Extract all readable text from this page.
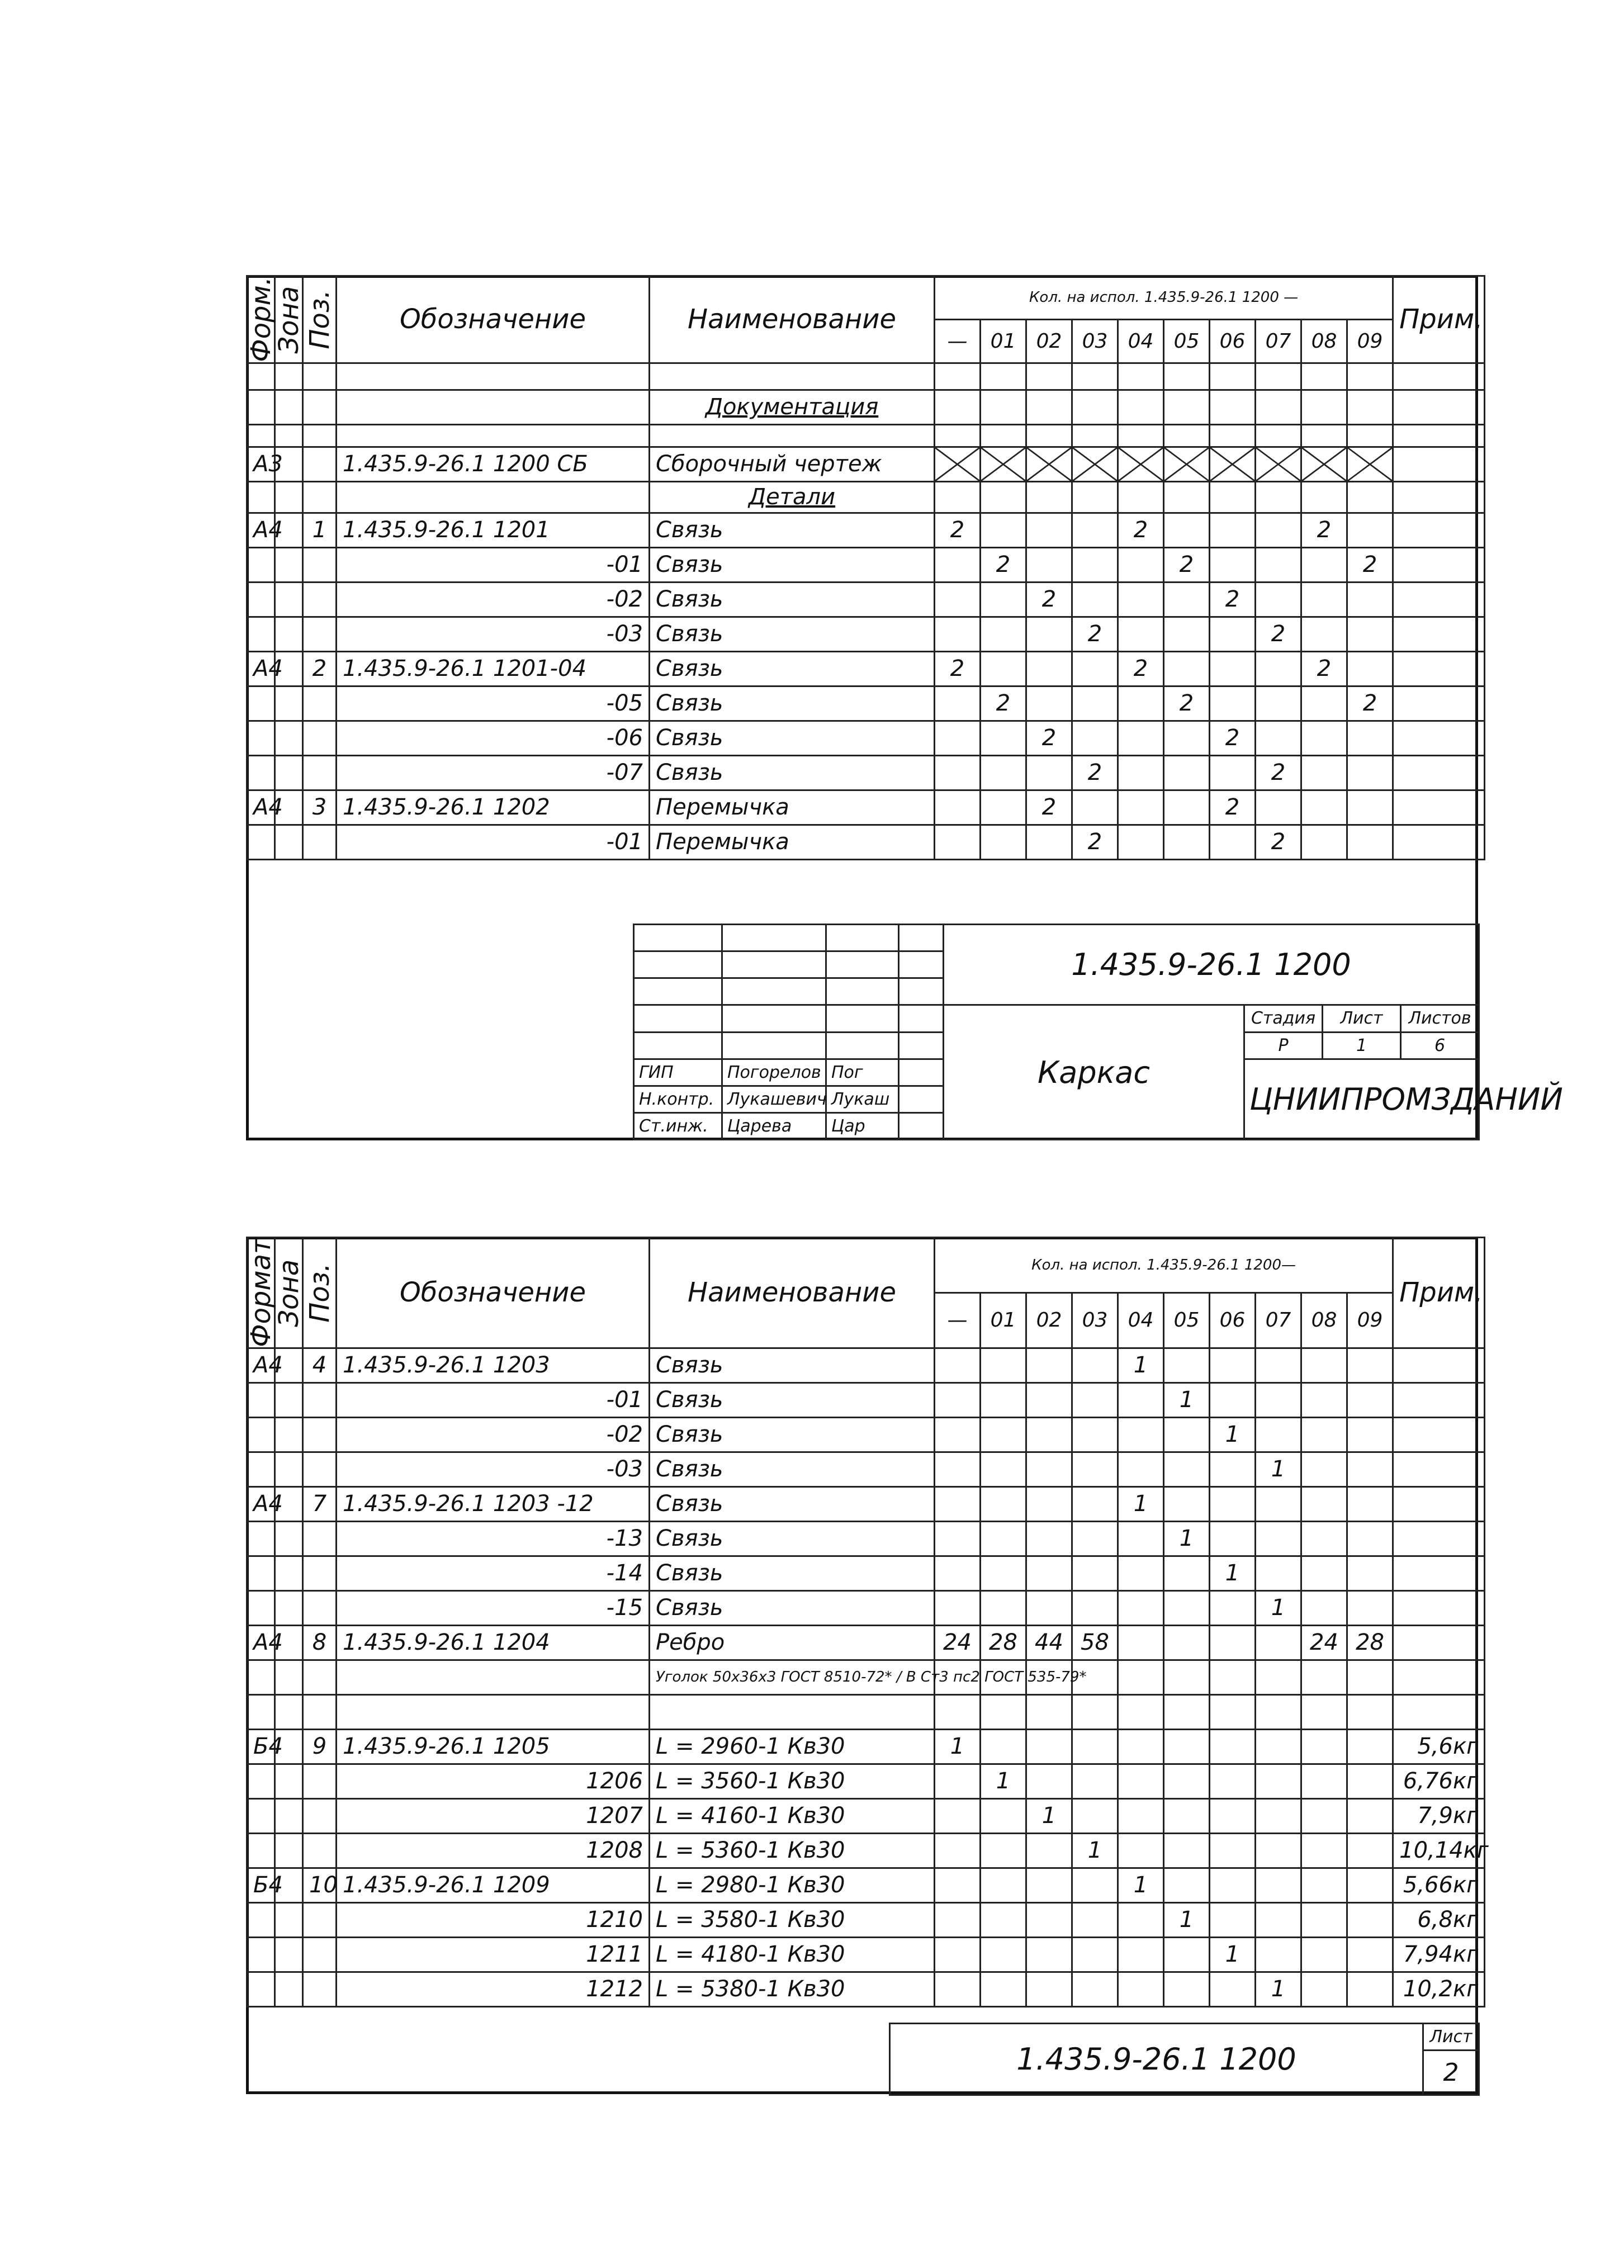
Форм.	Зона	Поз.	Обозначение	Наименование	Кол. на испол. 1.435.9-26.1 1200 —										Прим.
					—	01	02	03	04	05	06	07	08	09	

				Документация											

А3			1.435.9-26.1 1200 СБ	Сборочный чертеж	

				Детали											
А4		1	1.435.9-26.1 1201	Связь	2				2				2		
			-01	Связь		2				2				2	
			-02	Связь			2				2				
			-03	Связь				2				2			
А4		2	1.435.9-26.1 1201-04	Связь	2				2				2		
			-05	Связь		2				2				2	
			-06	Связь			2				2				
			-07	Связь				2				2			
А4		3	1.435.9-26.1 1202	Перемычка			2				2				
			-01	Перемычка				2				2			
				1.435.9-26.1 1200			

				Каркас	Стадия	Лист	Листов
					Р	1	6
ГИП	Погорелов	Пог			ЦНИИПРОМЗДАНИЙ		
Н.контр.	Лукашевич	Лукаш					
Ст.инж.	Царева	Цар					
Формат	Зона	Поз.	Обозначение	Наименование	Кол. на испол. 1.435.9-26.1 1200—										Прим.
					—	01	02	03	04	05	06	07	08	09	
А4		4	1.435.9-26.1 1203	Связь					1						
			-01	Связь						1					
			-02	Связь							1				
			-03	Связь								1			
А4		7	1.435.9-26.1 1203 -12	Связь					1						
			-13	Связь						1					
			-14	Связь							1				
			-15	Связь								1			
А4		8	1.435.9-26.1 1204	Ребро	24	28	44	58					24	28	
				Уголок 50x36x3 ГОСТ 8510-72* / В Ст3 пс2 ГОСТ 535-79*											

Б4		9	1.435.9-26.1 1205	L = 2960-1 Кв30	1										5,6кг
			1206	L = 3560-1 Кв30		1									6,76кг
			1207	L = 4160-1 Кв30			1								7,9кг
			1208	L = 5360-1 Кв30				1							10,14кг
Б4		10	1.435.9-26.1 1209	L = 2980-1 Кв30					1						5,66кг
			1210	L = 3580-1 Кв30						1					6,8кг
			1211	L = 4180-1 Кв30							1				7,94кг
			1212	L = 5380-1 Кв30								1			10,2кг
1.435.9-26.1 1200	Лист
2
